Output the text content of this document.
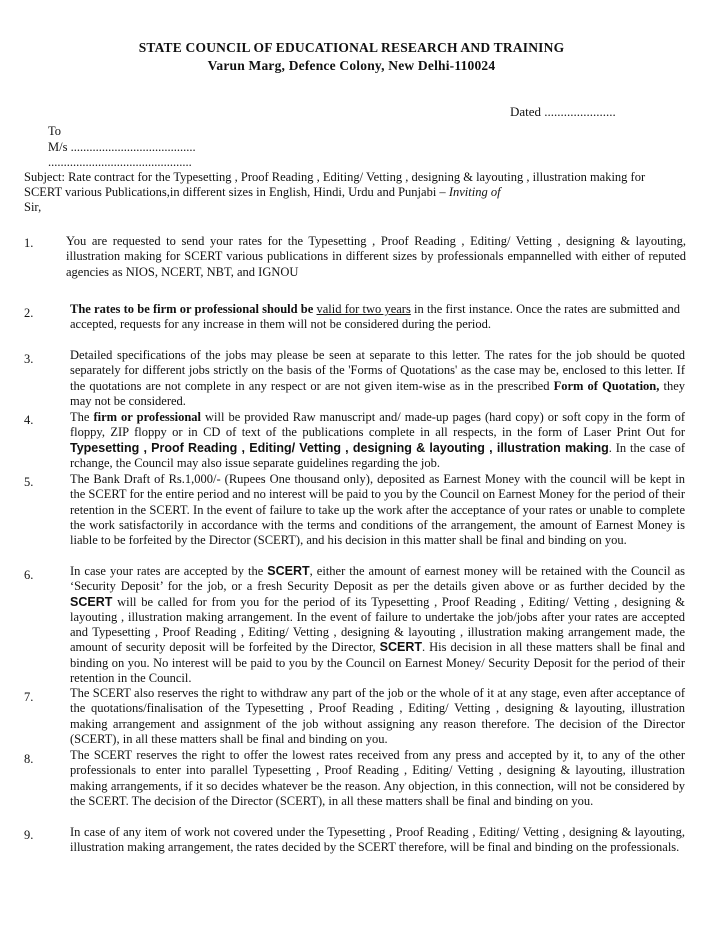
STATE COUNCIL OF EDUCATIONAL RESEARCH AND TRAINING
Varun Marg, Defence Colony, New Delhi-110024
Dated ......................
To
M/s ........................................
..............................................
Subject: Rate contract for the Typesetting , Proof Reading , Editing/ Vetting , designing & layouting , illustration making for SCERT various Publications,in different sizes in English, Hindi, Urdu and Punjabi – Inviting of
Sir,
1.	You are requested to send your rates for the Typesetting , Proof Reading , Editing/ Vetting , designing & layouting, illustration making for SCERT various publications in different sizes by professionals empannelled with either of reputed agencies as NIOS, NCERT, NBT, and IGNOU
2.	The rates to be firm or professional should be valid for two years in the first instance. Once the rates are submitted and accepted, requests for any increase in them will not be considered during the period.
3.	Detailed specifications of the jobs may please be seen at separate to this letter. The rates for the job should be quoted separately for different jobs strictly on the basis of the 'Forms of Quotations' as the case may be, enclosed to this letter. If the quotations are not complete in any respect or are not given item-wise as in the prescribed Form of Quotation, they may not be considered.
4.	The firm or professional will be provided Raw manuscript and/ made-up pages (hard copy) or soft copy in the form of floppy, ZIP floppy or in CD of text of the publications complete in all respects, in the form of Laser Print Out for Typesetting , Proof Reading , Editing/ Vetting , designing & layouting , illustration making. In the case of rchange, the Council may also issue separate guidelines regarding the job.
5.	The Bank Draft of Rs.1,000/- (Rupees One thousand only), deposited as Earnest Money with the council will be kept in the SCERT for the entire period and no interest will be paid to you by the Council on Earnest Money for the period of their retention in the SCERT. In the event of failure to take up the work after the acceptance of your rates or unable to complete the work satisfactorily in accordance with the terms and conditions of the arrangement, the amount of Earnest Money is liable to be forfeited by the Director (SCERT), and his decision in this matter shall be final and binding on you.
6.	In case your rates are accepted by the SCERT, either the amount of earnest money will be retained with the Council as ‘Security Deposit’ for the job, or a fresh Security Deposit as per the details given above or as further decided by the SCERT will be called for from you for the period of its Typesetting , Proof Reading , Editing/ Vetting , designing & layouting , illustration making arrangement. In the event of failure to undertake the job/jobs after your rates are accepted and Typesetting , Proof Reading , Editing/ Vetting , designing & layouting , illustration making arrangement made, the amount of security deposit will be forfeited by the Director, SCERT. His decision in all these matters shall be final and binding on you. No interest will be paid to you by the Council on Earnest Money/ Security Deposit for the period of their retention in the Council.
7.	The SCERT also reserves the right to withdraw any part of the job or the whole of it at any stage, even after acceptance of the quotations/finalisation of the Typesetting , Proof Reading , Editing/ Vetting , designing & layouting, illustration making arrangement and assignment of the job without assigning any reason therefore. The decision of the Director (SCERT), in all these matters shall be final and binding on you.
8.	The SCERT reserves the right to offer the lowest rates received from any press and accepted by it, to any of the other professionals to enter into parallel Typesetting , Proof Reading , Editing/ Vetting , designing & layouting, illustration making arrangements, if it so decides whatever be the reason. Any objection, in this connection, will not be considered by the SCERT. The decision of the Director (SCERT), in all these matters shall be final and binding on you.
9.	In case of any item of work not covered under the Typesetting , Proof Reading , Editing/ Vetting , designing & layouting, illustration making arrangement, the rates decided by the SCERT therefore, will be final and binding on the professionals.
